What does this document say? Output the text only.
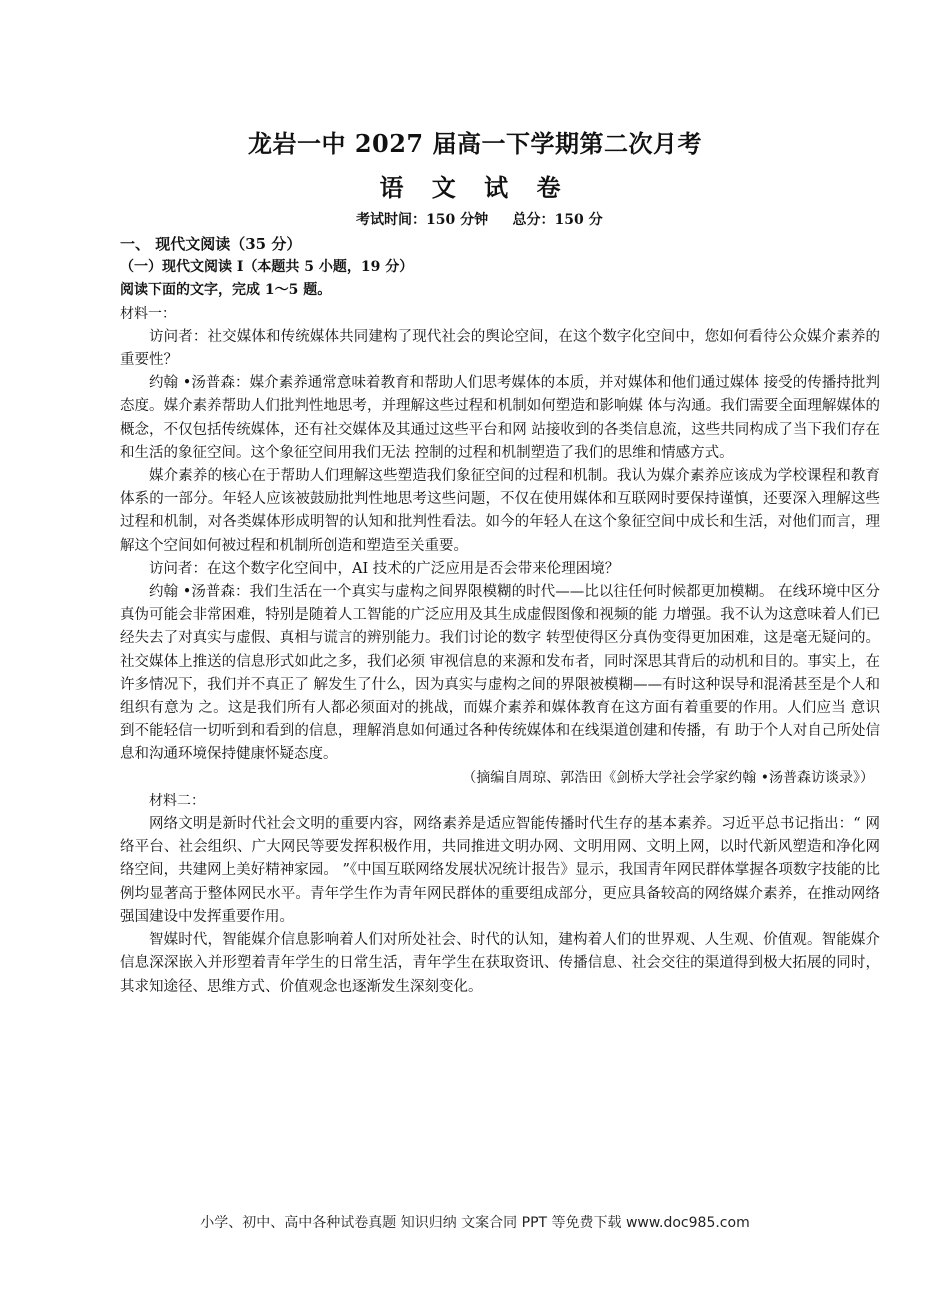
龙岩一中 2027 届高一下学期第二次月考
语 文 试 卷
考试时间：150 分钟     总分：150 分

一、 现代文阅读（35 分）

（一）现代文阅读 I（本题共 5 小题，19 分）

阅读下面的文字，完成 1～5 题。

材料一：

访问者：社交媒体和传统媒体共同建构了现代社会的舆论空间，在这个数字化空间中，您如何看待公众媒介素养的重要性？

约翰 •汤普森：媒介素养通常意味着教育和帮助人们思考媒体的本质，并对媒体和他们通过媒体 接受的传播持批判态度。媒介素养帮助人们批判性地思考，并理解这些过程和机制如何塑造和影响媒 体与沟通。我们需要全面理解媒体的概念，不仅包括传统媒体，还有社交媒体及其通过这些平台和网 站接收到的各类信息流，这些共同构成了当下我们存在和生活的象征空间。这个象征空间用我们无法 控制的过程和机制塑造了我们的思维和情感方式。

媒介素养的核心在于帮助人们理解这些塑造我们象征空间的过程和机制。我认为媒介素养应该成为学校课程和教育体系的一部分。年轻人应该被鼓励批判性地思考这些问题，不仅在使用媒体和互联网时要保持谨慎，还要深入理解这些过程和机制，对各类媒体形成明智的认知和批判性看法。如今的年轻人在这个象征空间中成长和生活，对他们而言，理解这个空间如何被过程和机制所创造和塑造至关重要。

访问者：在这个数字化空间中，AI 技术的广泛应用是否会带来伦理困境？

约翰 •汤普森：我们生活在一个真实与虚构之间界限模糊的时代——比以往任何时候都更加模糊。 在线环境中区分真伪可能会非常困难，特别是随着人工智能的广泛应用及其生成虚假图像和视频的能 力增强。我不认为这意味着人们已经失去了对真实与虚假、真相与谎言的辨别能力。我们讨论的数字 转型使得区分真伪变得更加困难，这是毫无疑问的。社交媒体上推送的信息形式如此之多，我们必须 审视信息的来源和发布者，同时深思其背后的动机和目的。事实上，在许多情况下，我们并不真正了 解发生了什么，因为真实与虚构之间的界限被模糊——有时这种误导和混淆甚至是个人和组织有意为 之。这是我们所有人都必须面对的挑战，而媒介素养和媒体教育在这方面有着重要的作用。人们应当 意识到不能轻信一切听到和看到的信息，理解消息如何通过各种传统媒体和在线渠道创建和传播，有 助于个人对自己所处信息和沟通环境保持健康怀疑态度。

（摘编自周琼、郭浩田《剑桥大学社会学家约翰 •汤普森访谈录》）

材料二：

网络文明是新时代社会文明的重要内容，网络素养是适应智能传播时代生存的基本素养。习近平总书记指出：“ 网络平台、社会组织、广大网民等要发挥积极作用，共同推进文明办网、文明用网、文明上网，以时代新风塑造和净化网络空间，共建网上美好精神家园。 ”《中国互联网络发展状况统计报告》显示，我国青年网民群体掌握各项数字技能的比例均显著高于整体网民水平。青年学生作为青年网民群体的重要组成部分，更应具备较高的网络媒介素养，在推动网络强国建设中发挥重要作用。

智媒时代，智能媒介信息影响着人们对所处社会、时代的认知，建构着人们的世界观、人生观、价值观。智能媒介信息深深嵌入并形塑着青年学生的日常生活，青年学生在获取资讯、传播信息、社会交往的渠道得到极大拓展的同时，其求知途径、思维方式、价值观念也逐渐发生深刻变化。

小学、初中、高中各种试卷真题 知识归纳 文案合同 PPT 等免费下载 www.doc985.com
